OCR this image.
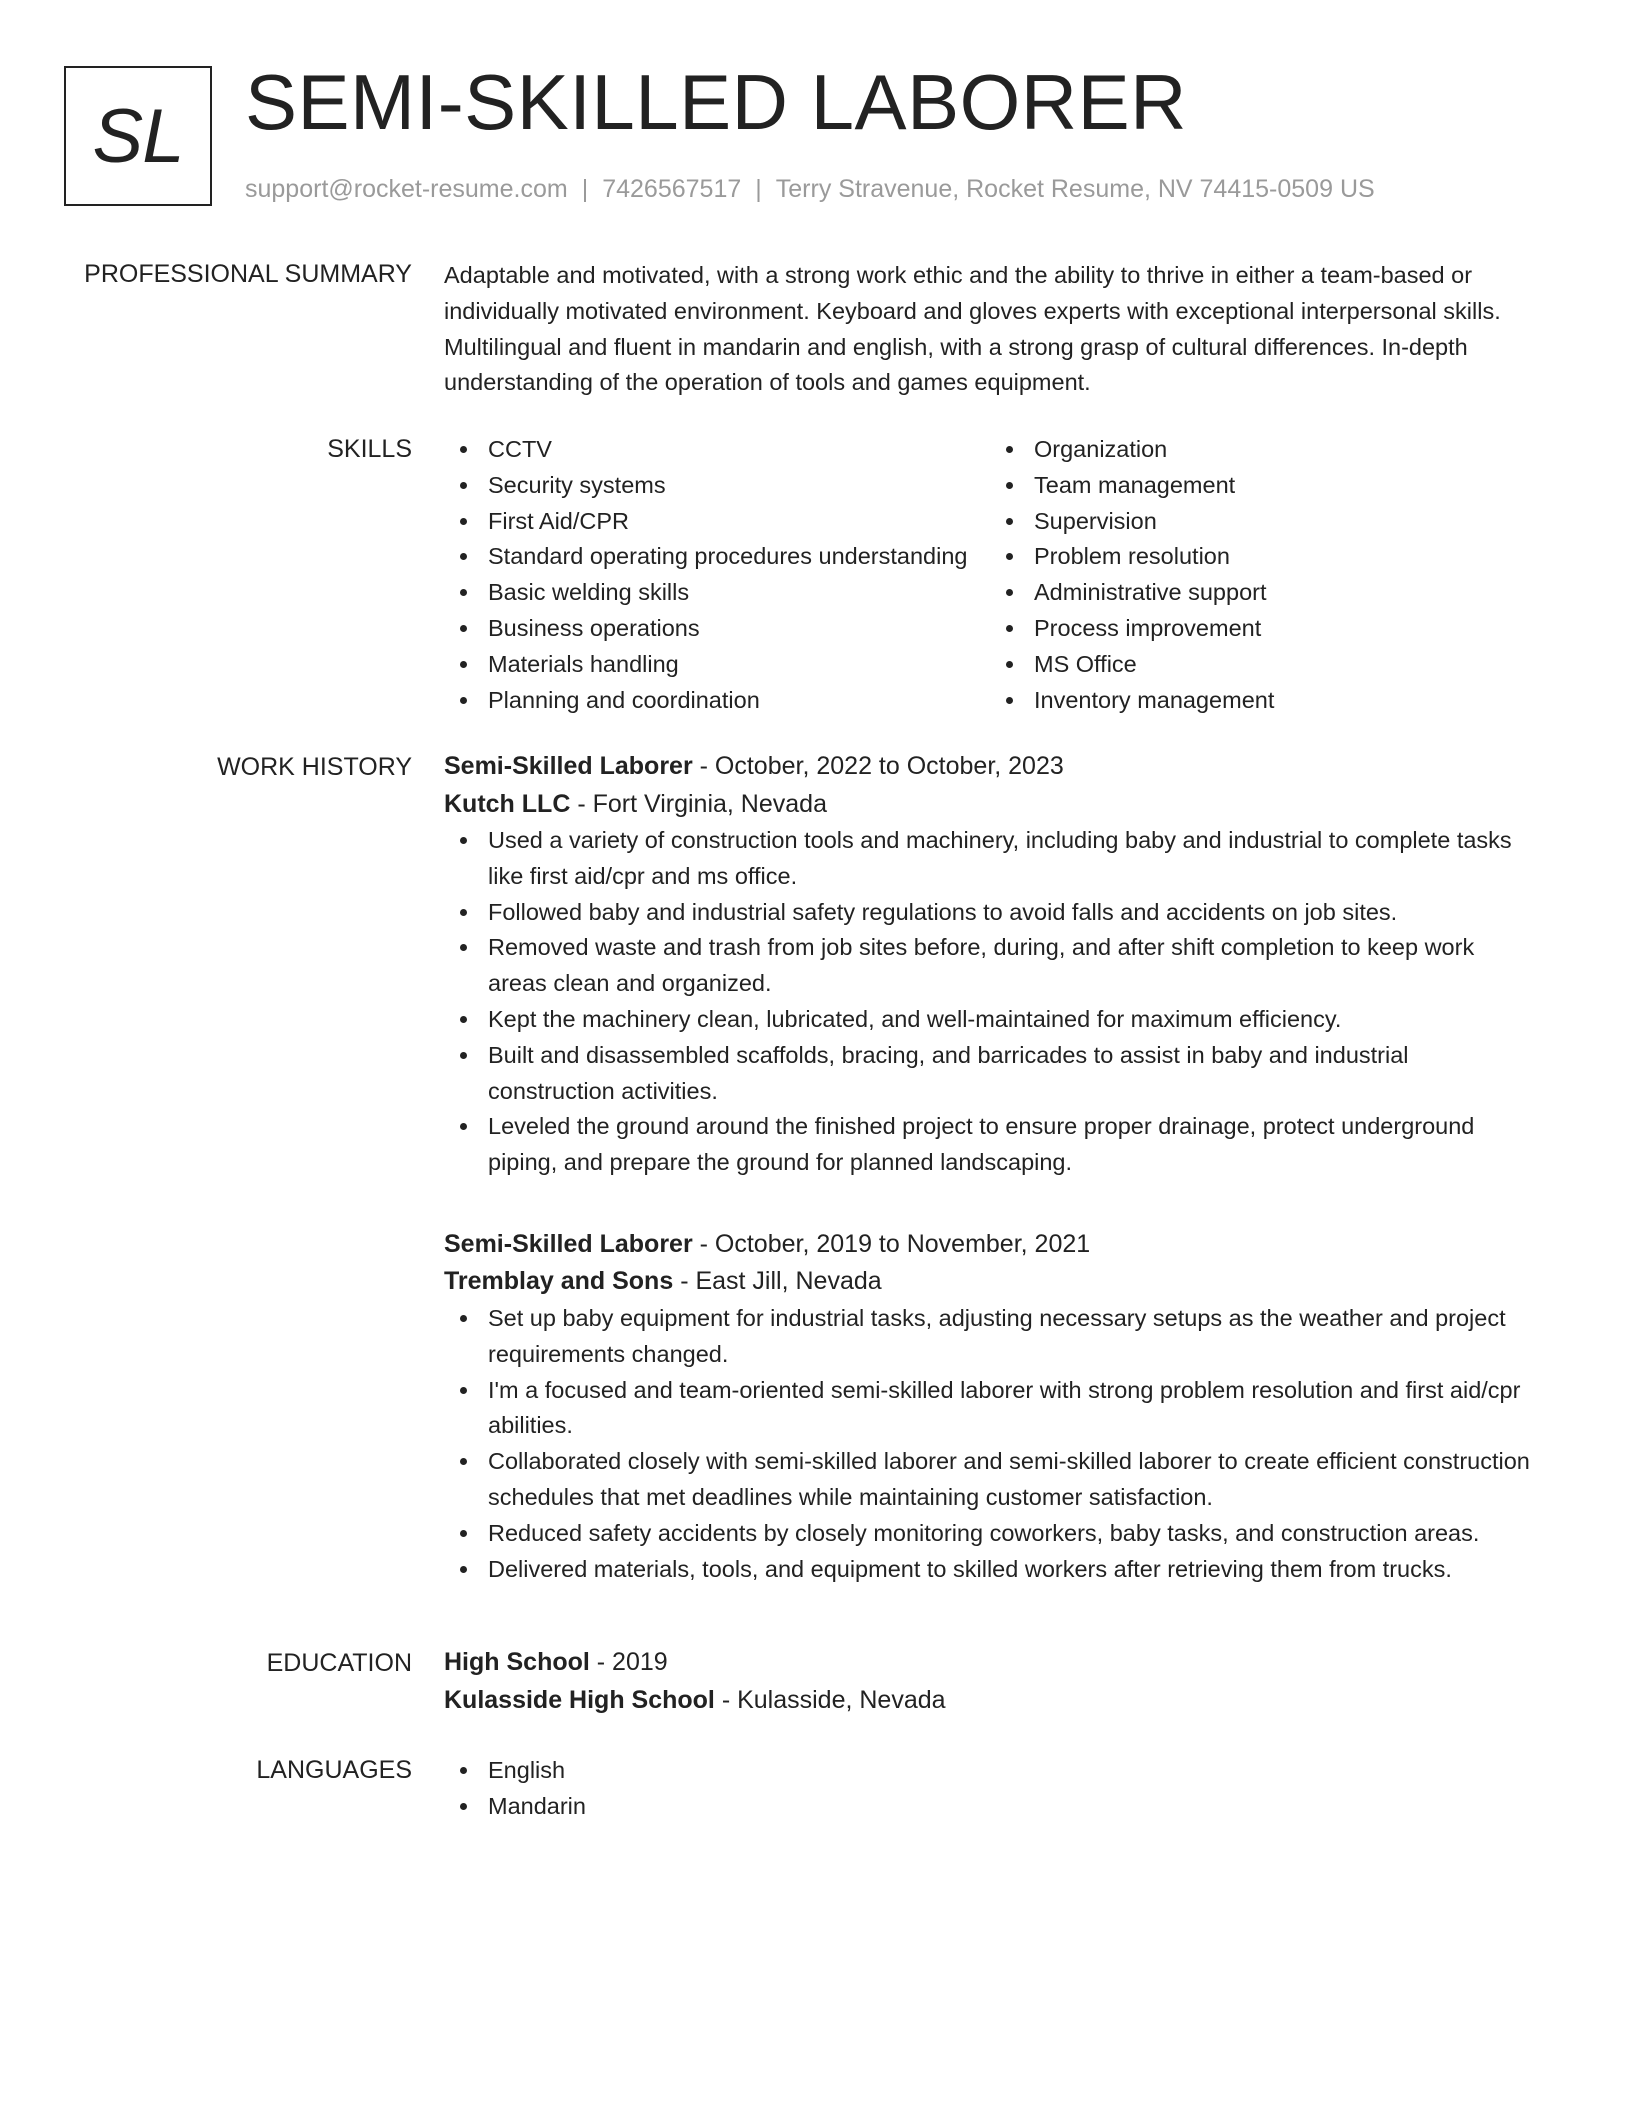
SL SEMI-SKILLED LABORER
support@rocket-resume.com | 7426567517 | Terry Stravenue, Rocket Resume, NV 74415-0509 US
PROFESSIONAL SUMMARY Adaptable and motivated, with a strong work ethic and the ability to thrive in either a team-based or individually motivated environment. Keyboard and gloves experts with exceptional interpersonal skills. Multilingual and fluent in mandarin and english, with a strong grasp of cultural differences. In-depth understanding of the operation of tools and games equipment.

SKILLS	CCTV
Security systems
First Aid/CPR
Standard operating procedures understanding
Basic welding skills
Business operations
Materials handling
Planning and coordination
Organization
Team management
Supervision
Problem resolution
Administrative support
Process improvement
MS Office
Inventory management
WORK HISTORY Semi-Skilled Laborer - October, 2022 to October, 2023
Kutch LLC - Fort Virginia, Nevada
Used a variety of construction tools and machinery, including baby and industrial to complete tasks like first aid/cpr and ms office.
Followed baby and industrial safety regulations to avoid falls and accidents on job sites.
Removed waste and trash from job sites before, during, and after shift completion to keep work areas clean and organized.
Kept the machinery clean, lubricated, and well-maintained for maximum efficiency.
Built and disassembled scaffolds, bracing, and barricades to assist in baby and industrial construction activities.
Leveled the ground around the finished project to ensure proper drainage, protect underground piping, and prepare the ground for planned landscaping.
Semi-Skilled Laborer - October, 2019 to November, 2021
Tremblay and Sons - East Jill, Nevada
Set up baby equipment for industrial tasks, adjusting necessary setups as the weather and project requirements changed.
I'm a focused and team-oriented semi-skilled laborer with strong problem resolution and first aid/cpr abilities.
Collaborated closely with semi-skilled laborer and semi-skilled laborer to create efficient construction schedules that met deadlines while maintaining customer satisfaction.
Reduced safety accidents by closely monitoring coworkers, baby tasks, and construction areas.
Delivered materials, tools, and equipment to skilled workers after retrieving them from trucks.
EDUCATION High School - 2019
Kulasside High School - Kulasside, Nevada
LANGUAGES	English
Mandarin
